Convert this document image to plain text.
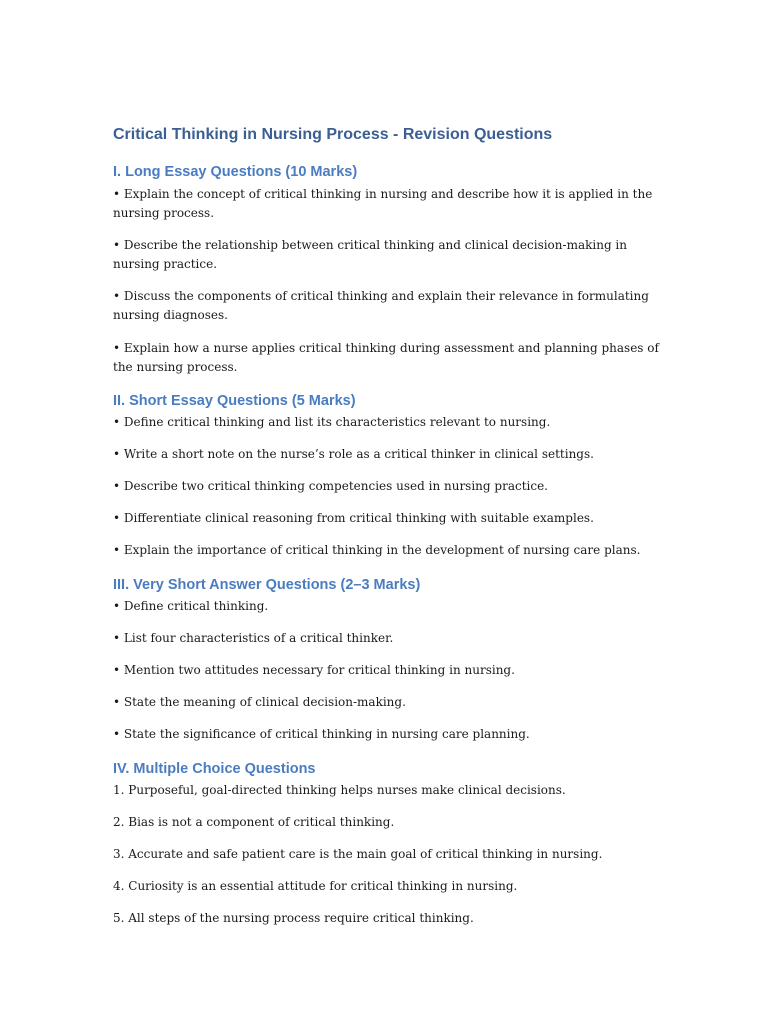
Critical Thinking in Nursing Process - Revision Questions
I. Long Essay Questions (10 Marks)

• Explain the concept of critical thinking in nursing and describe how it is applied in the nursing process.

• Describe the relationship between critical thinking and clinical decision-making in nursing practice.

• Discuss the components of critical thinking and explain their relevance in formulating nursing diagnoses.

• Explain how a nurse applies critical thinking during assessment and planning phases of the nursing process.

II. Short Essay Questions (5 Marks)

• Define critical thinking and list its characteristics relevant to nursing.

• Write a short note on the nurse’s role as a critical thinker in clinical settings.

• Describe two critical thinking competencies used in nursing practice.

• Differentiate clinical reasoning from critical thinking with suitable examples.

• Explain the importance of critical thinking in the development of nursing care plans.

III. Very Short Answer Questions (2–3 Marks)

• Define critical thinking.

• List four characteristics of a critical thinker.

• Mention two attitudes necessary for critical thinking in nursing.

• State the meaning of clinical decision-making.

• State the significance of critical thinking in nursing care planning.

IV. Multiple Choice Questions

1. Purposeful, goal-directed thinking helps nurses make clinical decisions.

2. Bias is not a component of critical thinking.

3. Accurate and safe patient care is the main goal of critical thinking in nursing.

4. Curiosity is an essential attitude for critical thinking in nursing.

5. All steps of the nursing process require critical thinking.
